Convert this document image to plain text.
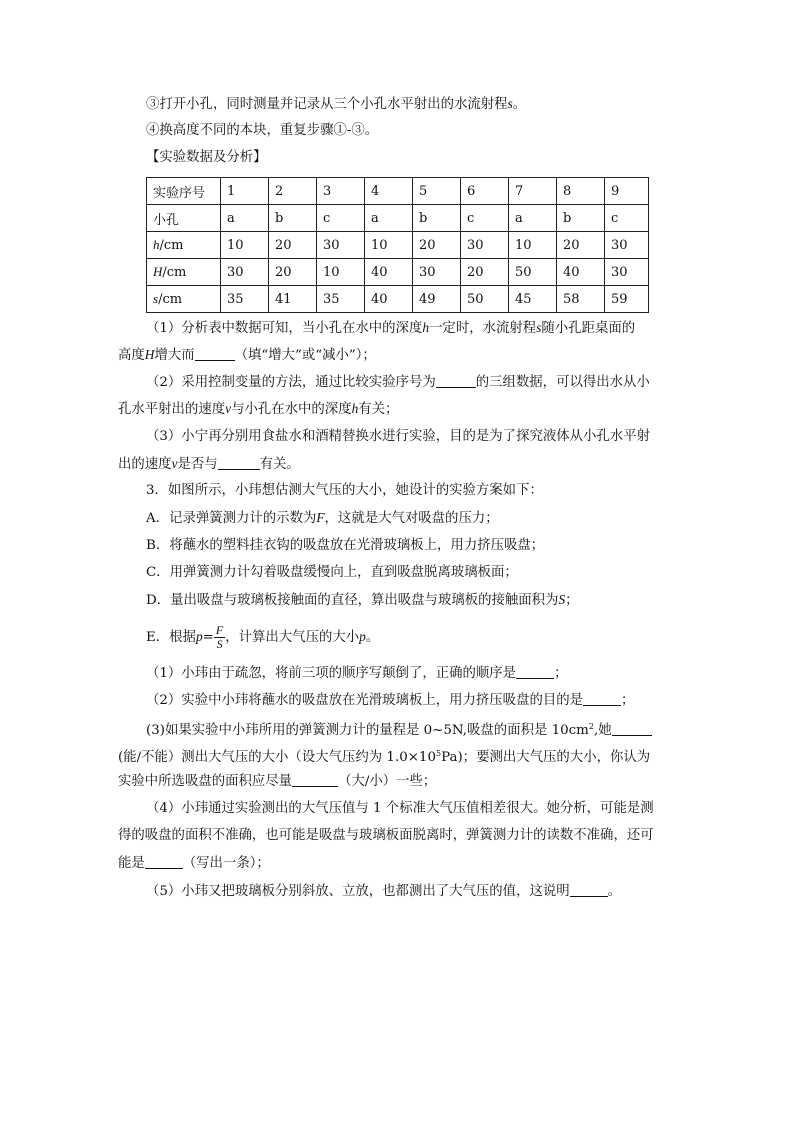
③打开小孔，同时测量并记录从三个小孔水平射出的水流射程s。
④换高度不同的本块，重复步骤①-③。
【实验数据及分析】
实验序号	1	2	3	4	5	6	7	8	9
小孔	a	b	c	a	b	c	a	b	c
h/cm	10	20	30	10	20	30	10	20	30
H/cm	30	20	10	40	30	20	50	40	30
s/cm	35	41	35	40	49	50	45	58	59
（1）分析表中数据可知，当小孔在水中的深度h一定时，水流射程s随小孔距桌面的
高度H增大而	（填“增大”或“减小”）；
（2）采用控制变量的方法，通过比较实验序号为	的三组数据，可以得出水从小
孔水平射出的速度v与小孔在水中的深度h有关；
（3）小宁再分别用食盐水和酒精替换水进行实验，目的是为了探究液体从小孔水平射
出的速度v是否与	有关。
3．如图所示，小玮想估测大气压的大小，她设计的实验方案如下：
A．记录弹簧测力计的示数为F，这就是大气对吸盘的压力；
B．将蘸水的塑料挂衣钩的吸盘放在光滑玻璃板上，用力挤压吸盘；
C．用弹簧测力计勾着吸盘缓慢向上，直到吸盘脱离玻璃板面；
D．量出吸盘与玻璃板接触面的直径，算出吸盘与玻璃板的接触面积为S；
E．根据$p= \frac{F}{S}$ ，计算出大气压的大小p。
（1）小玮由于疏忽，将前三项的顺序写颠倒了，正确的顺序是	；
（2）实验中小玮将蘸水的吸盘放在光滑玻璃板上，用力挤压吸盘的目的是	；
(3)如果实验中小玮所用的弹簧测力计的量程是 0~5N,吸盘的面积是 $10cm^2$,她
(能/不能）测出大气压的大小（设大气压约为 $1.0\times 10^5Pa$)；要测出大气压的大小，你认为
实验中所选吸盘的面积应尽量	（大/小）一些；
（4）小玮通过实验测出的大气压值与 1 个标准大气压值相差很大。她分析，可能是测
得的吸盘的面积不准确，也可能是吸盘与玻璃板面脱离时，弹簧测力计的读数不准确，还可
能是	（写出一条）；
（5）小玮又把玻璃板分别斜放、立放，也都测出了大气压的值，这说明	。
